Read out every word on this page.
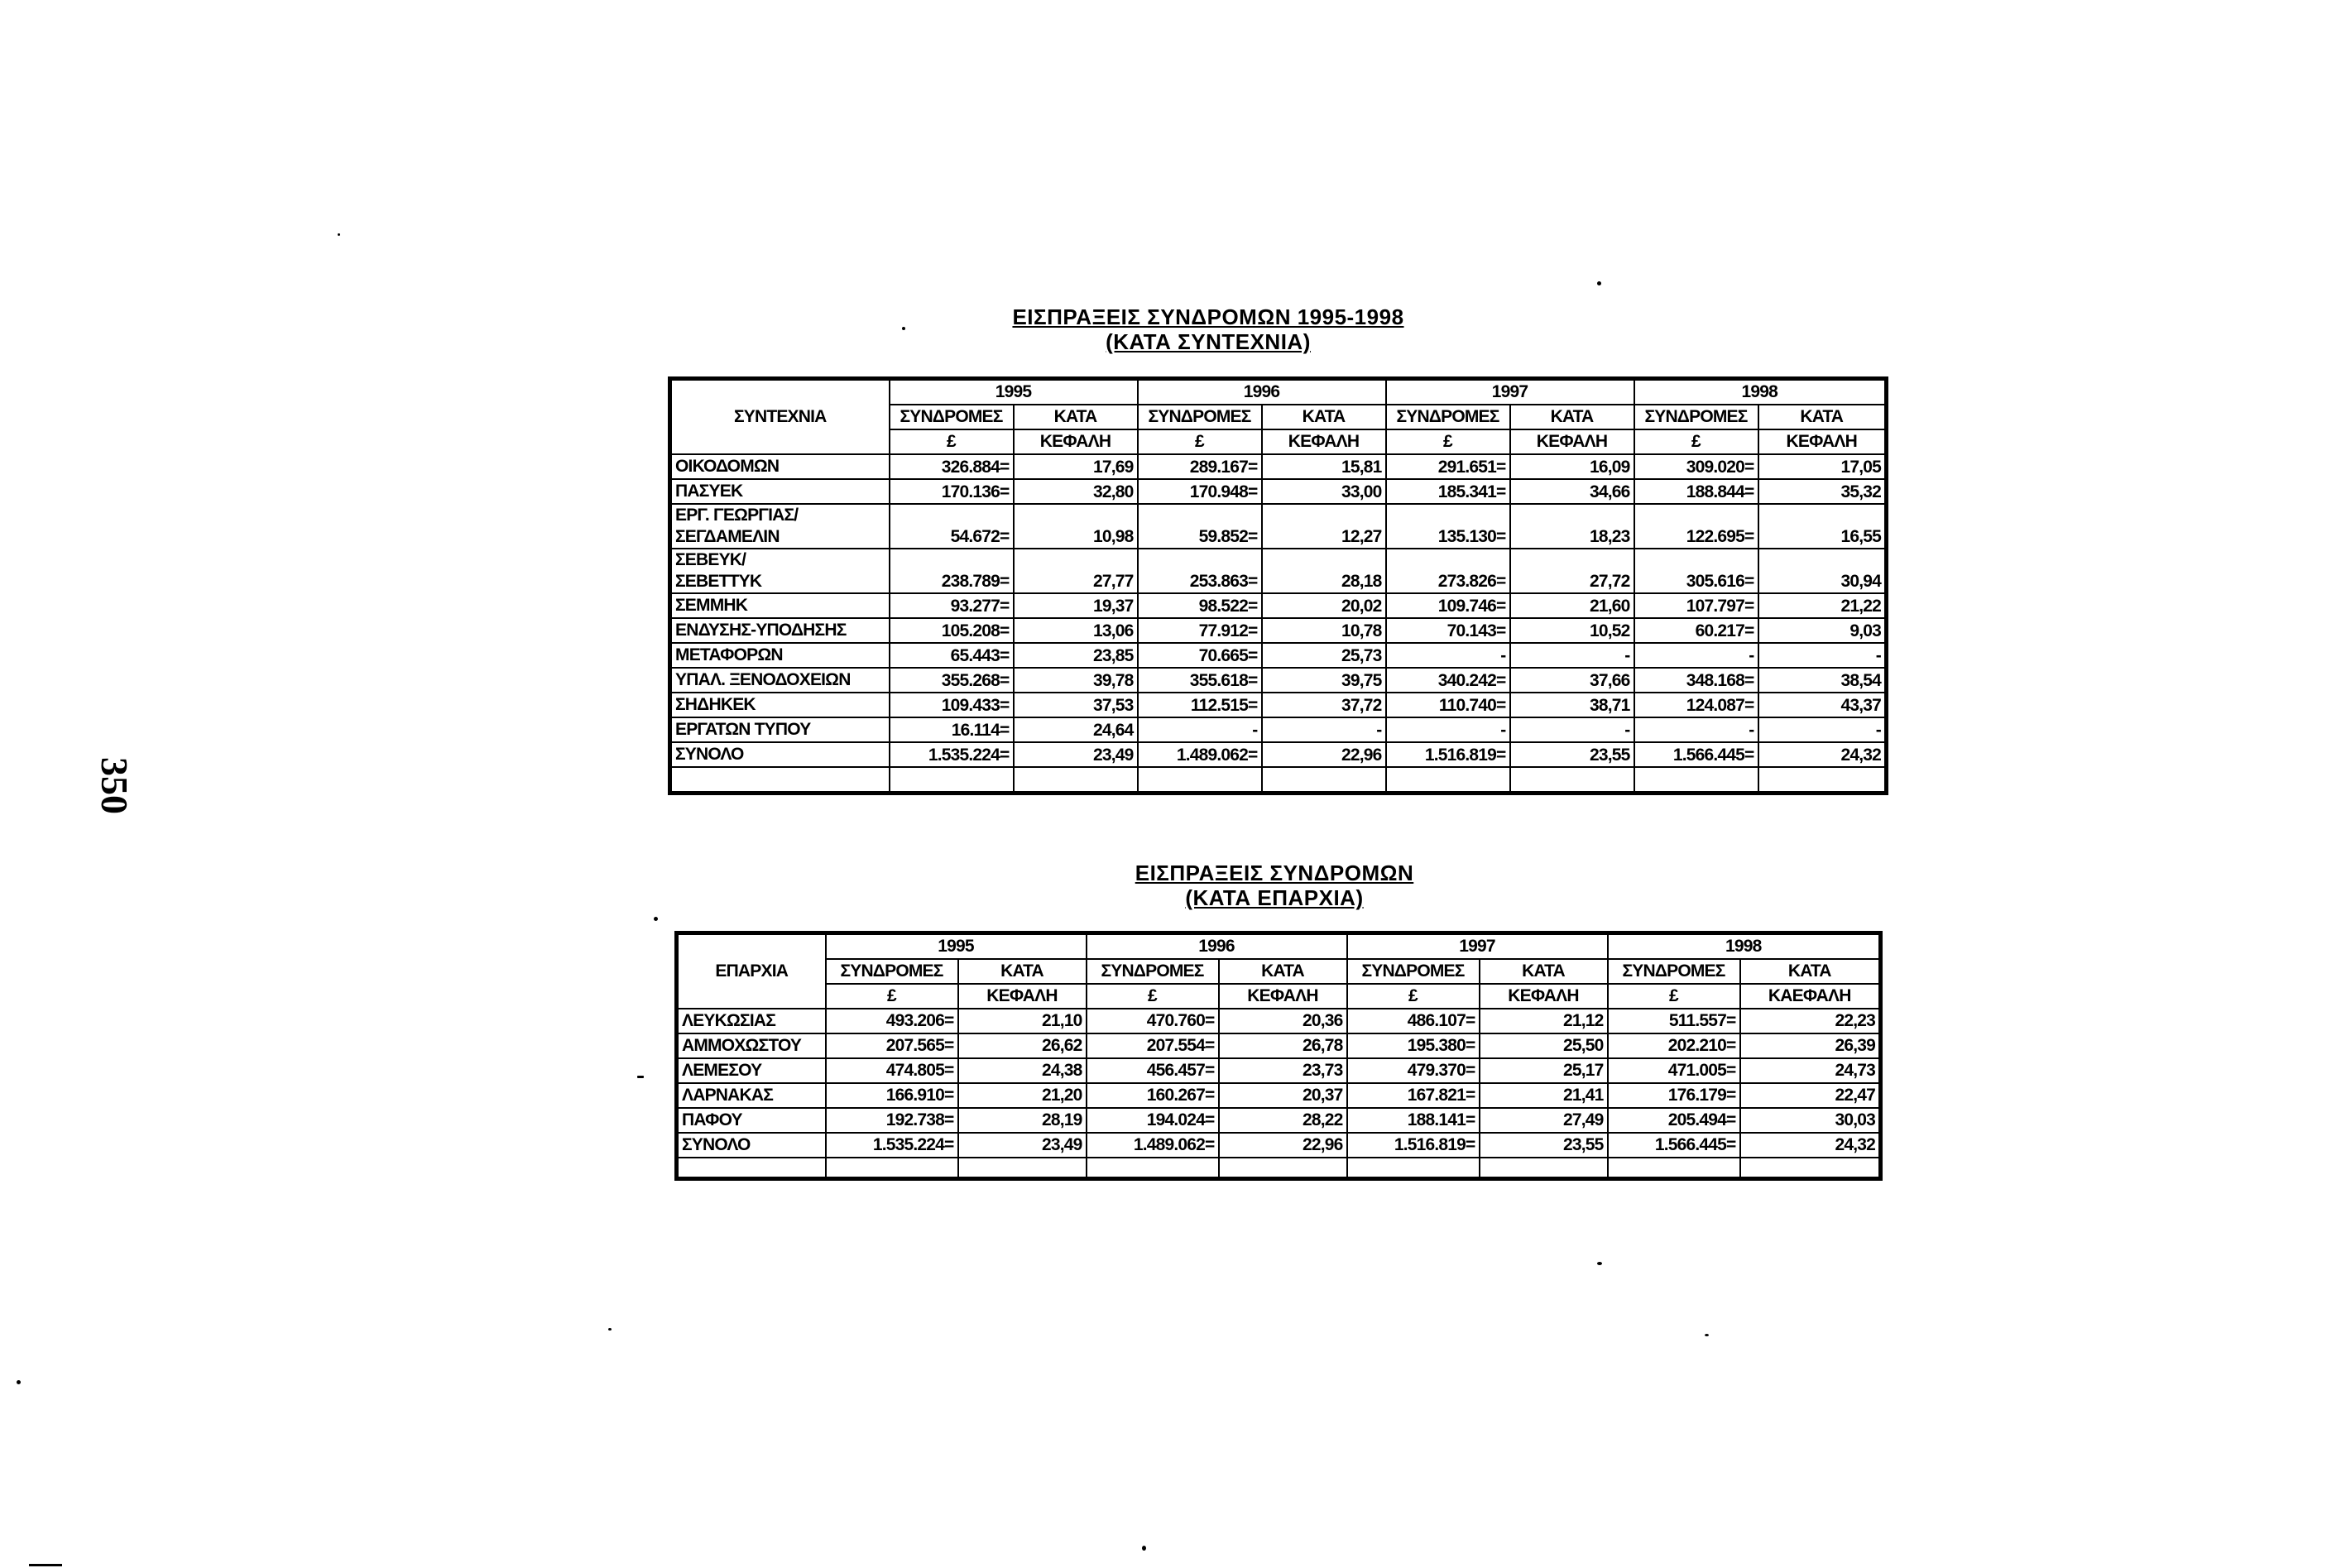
350
ΕΙΣΠΡΑΞΕΙΣ ΣΥΝΔΡΟΜΩΝ 1995-1998
(ΚΑΤΑ ΣΥΝΤΕΧΝΙΑ)
ΣΥΝΤΕΧΝΙΑ	1995		1996		1997		1998	
	ΣΥΝΔΡΟΜΕΣ	ΚΑΤΑ	ΣΥΝΔΡΟΜΕΣ	ΚΑΤΑ	ΣΥΝΔΡΟΜΕΣ	ΚΑΤΑ	ΣΥΝΔΡΟΜΕΣ	ΚΑΤΑ
	£	ΚΕΦΑΛΗ	£	ΚΕΦΑΛΗ	£	ΚΕΦΑΛΗ	£	ΚΕΦΑΛΗ

ΟΙΚΟΔΟΜΩΝ	326.884=	17,69	289.167=	15,81	291.651=	16,09	309.020=	17,05

ΠΑΣΥΕΚ	170.136=	32,80	170.948=	33,00	185.341=	34,66	188.844=	35,32

ΕΡΓ. ΓΕΩΡΓΙΑΣ/
ΣΕΓΔΑΜΕΛΙΝ	54.672=	10,98	59.852=	12,27	135.130=	18,23	122.695=	16,55

ΣΕΒΕΥΚ/
ΣΕΒΕΤΤΥΚ	238.789=	27,77	253.863=	28,18	273.826=	27,72	305.616=	30,94

ΣΕΜΜΗΚ	93.277=	19,37	98.522=	20,02	109.746=	21,60	107.797=	21,22

ΕΝΔΥΣΗΣ-ΥΠΟΔΗΣΗΣ	105.208=	13,06	77.912=	10,78	70.143=	10,52	60.217=	9,03

ΜΕΤΑΦΟΡΩΝ	65.443=	23,85	70.665=	25,73	-	-	-	-

ΥΠΑΛ. ΞΕΝΟΔΟΧΕΙΩΝ	355.268=	39,78	355.618=	39,75	340.242=	37,66	348.168=	38,54

ΣΗΔΗΚΕΚ	109.433=	37,53	112.515=	37,72	110.740=	38,71	124.087=	43,37

ΕΡΓΑΤΩΝ ΤΥΠΟΥ	16.114=	24,64	-	-	-	-	-	-

ΣΥΝΟΛΟ	1.535.224=	23,49	1.489.062=	22,96	1.516.819=	23,55	1.566.445=	24,32

ΕΙΣΠΡΑΞΕΙΣ ΣΥΝΔΡΟΜΩΝ
(ΚΑΤΑ ΕΠΑΡΧΙΑ)
ΕΠΑΡΧΙΑ	1995		1996		1997		1998	
	ΣΥΝΔΡΟΜΕΣ	ΚΑΤΑ	ΣΥΝΔΡΟΜΕΣ	ΚΑΤΑ	ΣΥΝΔΡΟΜΕΣ	ΚΑΤΑ	ΣΥΝΔΡΟΜΕΣ	ΚΑΤΑ
	£	ΚΕΦΑΛΗ	£	ΚΕΦΑΛΗ	£	ΚΕΦΑΛΗ	£	ΚΑΕΦΑΛΗ
ΛΕΥΚΩΣΙΑΣ	493.206=	21,10	470.760=	20,36	486.107=	21,12	511.557=	22,23
ΑΜΜΟΧΩΣΤΟΥ	207.565=	26,62	207.554=	26,78	195.380=	25,50	202.210=	26,39
ΛΕΜΕΣΟΥ	474.805=	24,38	456.457=	23,73	479.370=	25,17	471.005=	24,73
ΛΑΡΝΑΚΑΣ	166.910=	21,20	160.267=	20,37	167.821=	21,41	176.179=	22,47
ΠΑΦΟΥ	192.738=	28,19	194.024=	28,22	188.141=	27,49	205.494=	30,03
ΣΥΝΟΛΟ	1.535.224=	23,49	1.489.062=	22,96	1.516.819=	23,55	1.566.445=	24,32
